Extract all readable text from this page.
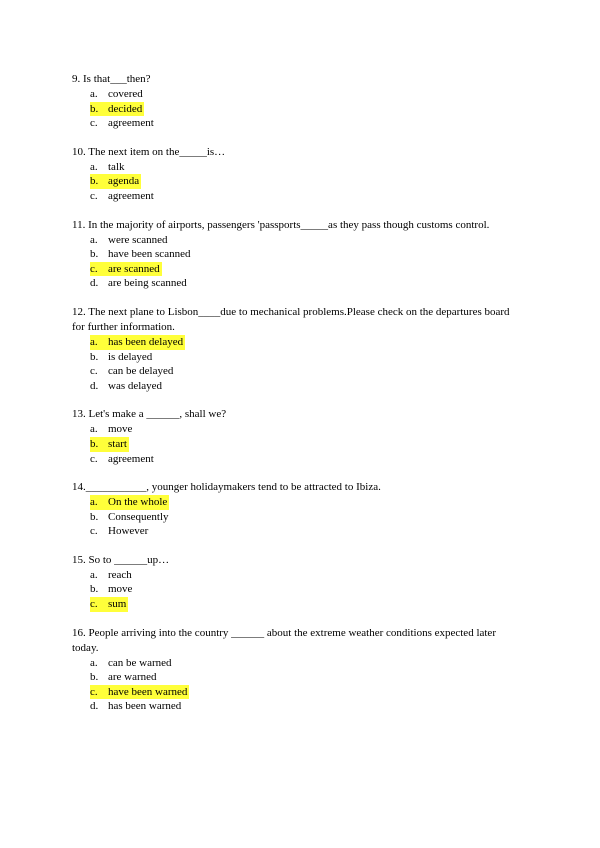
9. Is that___then?

a. covered
b. decided
c. agreement

10. The next item on the_____is…

a. talk
b. agenda
c. agreement

11. In the majority of airports, passengers 'passports_____as they pass though customs control.

a. were scanned
b. have been scanned
c. are scanned
d. are being scanned

12. The next plane to Lisbon____due to mechanical problems.Please check on the departures board for further information.

a. has been delayed
b. is delayed
c. can be delayed
d. was delayed

13. Let's make a ______, shall we?

a. move
b. start
c. agreement

14.___________, younger holidaymakers tend to be attracted to Ibiza.

a. On the whole
b. Consequently
c. However

15. So to ______up…

a. reach
b. move
c. sum

16. People arriving into the country ______ about the extreme weather conditions expected later today.

a. can be warned
b. are warned
c. have been warned
d. has been warned
